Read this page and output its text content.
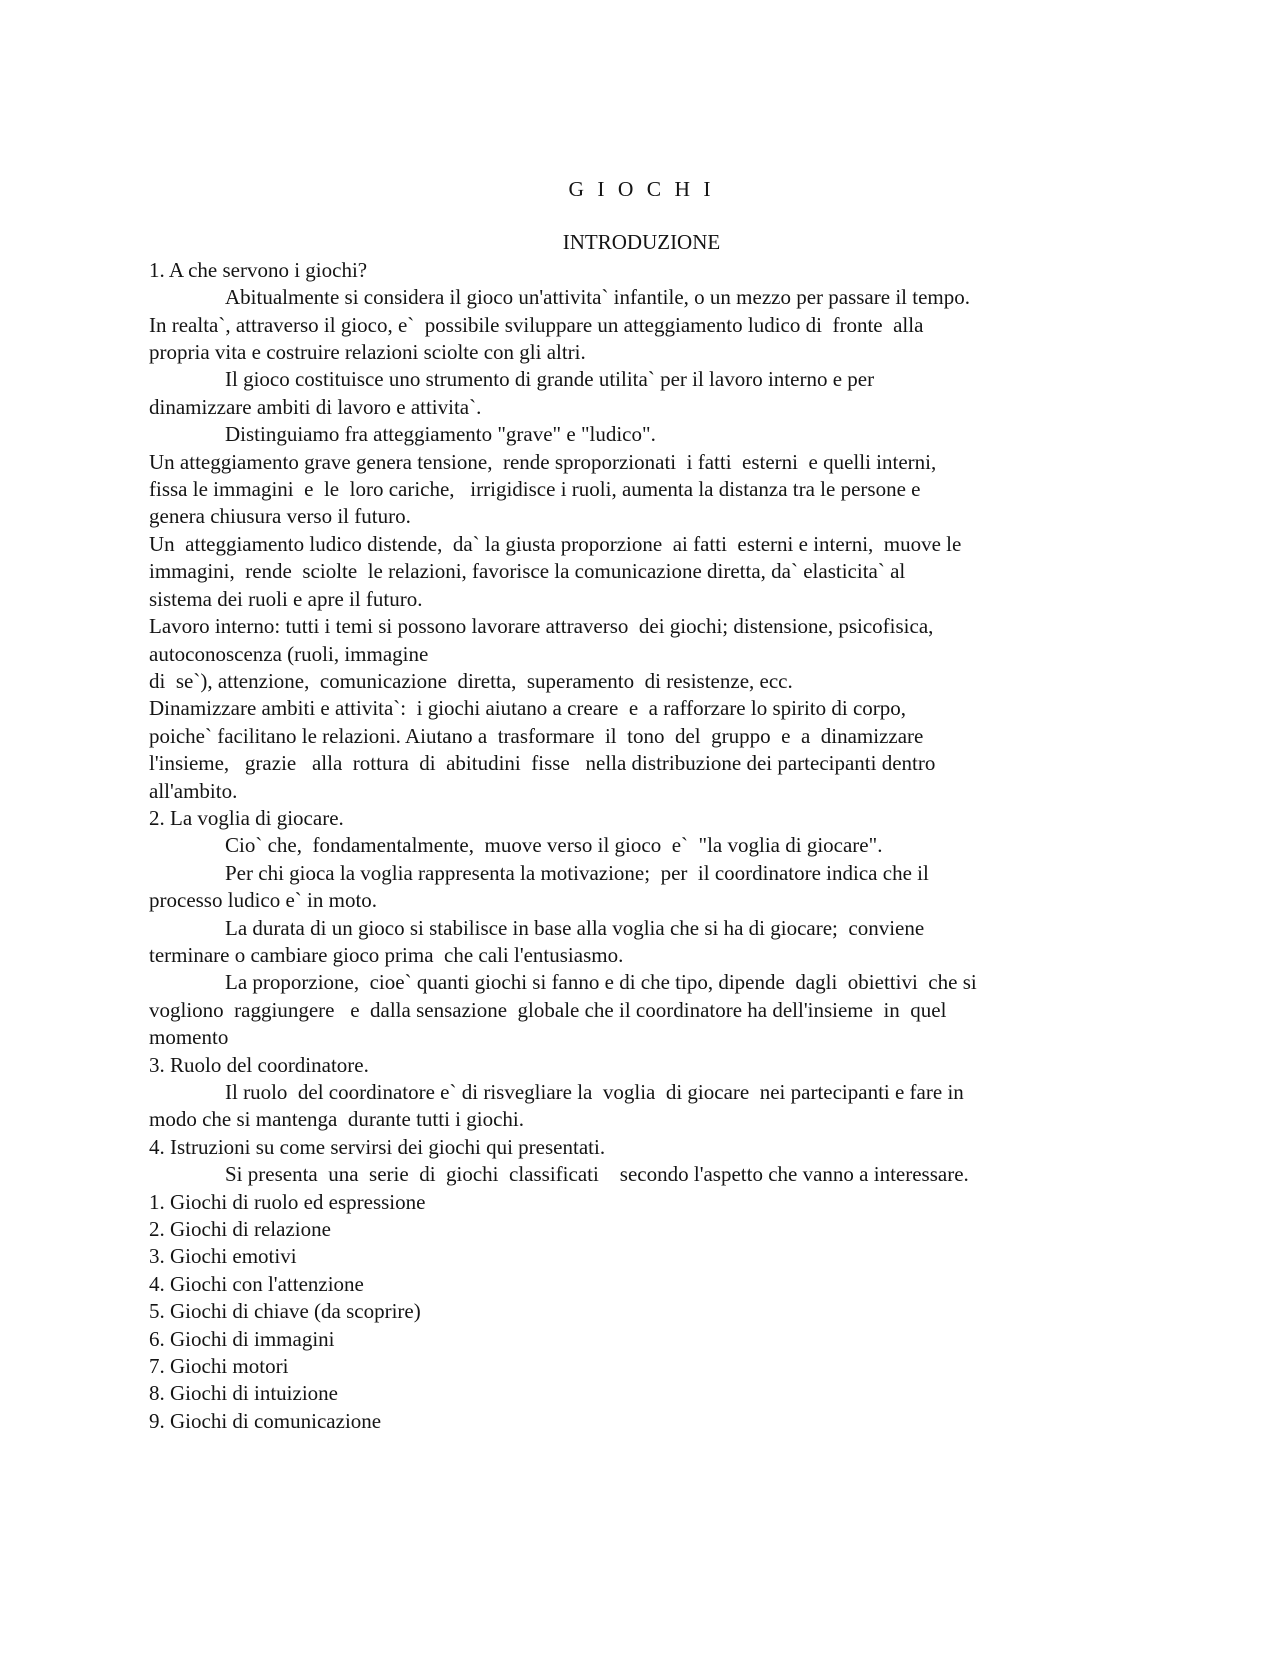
G I O C H I
INTRODUZIONE
1. A che servono i giochi?
Abitualmente si considera il gioco un'attivita` infantile, o un mezzo per passare il tempo.
In realta`, attraverso il gioco, e`  possibile sviluppare un atteggiamento ludico di  fronte  alla
propria vita e costruire relazioni sciolte con gli altri.
Il gioco costituisce uno strumento di grande utilita` per il lavoro interno e per
dinamizzare ambiti di lavoro e attivita`.
Distinguiamo fra atteggiamento "grave" e "ludico".
Un atteggiamento grave genera tensione,  rende sproporzionati  i fatti  esterni  e quelli interni,
fissa le immagini  e  le  loro cariche,   irrigidisce i ruoli, aumenta la distanza tra le persone e
genera chiusura verso il futuro.
Un  atteggiamento ludico distende,  da` la giusta proporzione  ai fatti  esterni e interni,  muove le
immagini,  rende  sciolte  le relazioni, favorisce la comunicazione diretta, da` elasticita` al
sistema dei ruoli e apre il futuro.
Lavoro interno: tutti i temi si possono lavorare attraverso  dei giochi; distensione, psicofisica,
autoconoscenza (ruoli, immagine
di  se`), attenzione,  comunicazione  diretta,  superamento  di resistenze, ecc.
Dinamizzare ambiti e attivita`:  i giochi aiutano a creare  e  a rafforzare lo spirito di corpo,
poiche` facilitano le relazioni. Aiutano a  trasformare  il  tono  del  gruppo  e  a  dinamizzare
l'insieme,   grazie   alla  rottura  di  abitudini  fisse   nella distribuzione dei partecipanti dentro
all'ambito.
2. La voglia di giocare.
Cio` che,  fondamentalmente,  muove verso il gioco  e`  "la voglia di giocare".
Per chi gioca la voglia rappresenta la motivazione;  per  il coordinatore indica che il
processo ludico e` in moto.
La durata di un gioco si stabilisce in base alla voglia che si ha di giocare;  conviene
terminare o cambiare gioco prima  che cali l'entusiasmo.
La proporzione,  cioe` quanti giochi si fanno e di che tipo, dipende  dagli  obiettivi  che si
vogliono  raggiungere   e  dalla sensazione  globale che il coordinatore ha dell'insieme  in  quel
momento
3. Ruolo del coordinatore.
Il ruolo  del coordinatore e` di risvegliare la  voglia  di giocare  nei partecipanti e fare in
modo che si mantenga  durante tutti i giochi.
4. Istruzioni su come servirsi dei giochi qui presentati.
Si presenta  una  serie  di  giochi  classificati    secondo l'aspetto che vanno a interessare.
1. Giochi di ruolo ed espressione
2. Giochi di relazione
3. Giochi emotivi
4. Giochi con l'attenzione
5. Giochi di chiave (da scoprire)
6. Giochi di immagini
7. Giochi motori
8. Giochi di intuizione
9. Giochi di comunicazione
